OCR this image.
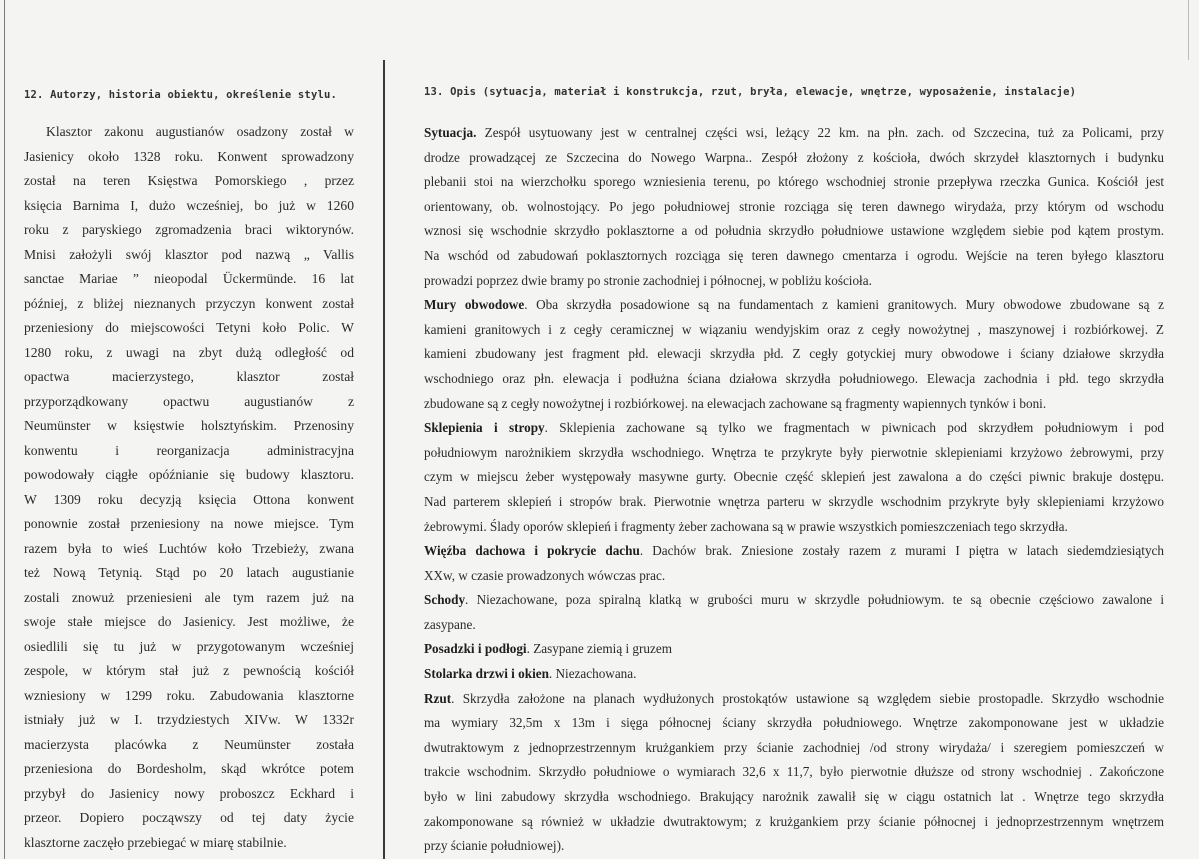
12. Autorzy, historia obiektu, określenie stylu.
Klasztor zakonu augustianów osadzony został w
Jasienicy około 1328 roku. Konwent sprowadzony
został na teren Księstwa Pomorskiego , przez
księcia Barnima I, dużo wcześniej, bo już w 1260
roku z paryskiego zgromadzenia braci wiktorynów.
Mnisi założyli swój klasztor pod nazwą „ Vallis
sanctae Mariae ” nieopodal Ückermünde. 16 lat
później, z bliżej nieznanych przyczyn konwent został
przeniesiony do miejscowości Tetyni koło Polic. W
1280 roku, z uwagi na zbyt dużą odległość od
opactwa macierzystego, klasztor został
przyporządkowany opactwu augustianów z
Neumünster w księstwie holsztyńskim. Przenosiny
konwentu i reorganizacja administracyjna
powodowały ciągłe opóźnianie się budowy klasztoru.
W 1309 roku decyzją księcia Ottona konwent
ponownie został przeniesiony na nowe miejsce. Tym
razem była to wieś Luchtów koło Trzebieży, zwana
też Nową Tetynią. Stąd po 20 latach augustianie
zostali znowuż przeniesieni ale tym razem już na
swoje stałe miejsce do Jasienicy. Jest możliwe, że
osiedlili się tu już w przygotowanym wcześniej
zespole, w którym stał już z pewnością kościół
wzniesiony w 1299 roku. Zabudowania klasztorne
istniały już w I. trzydziestych XIVw. W 1332r
macierzysta placówka z Neumünster została
przeniesiona do Bordesholm, skąd wkrótce potem
przybył do Jasienicy nowy proboszcz Eckhard i
przeor. Dopiero począwszy od tej daty życie
klasztorne zaczęło przebiegać w miarę stabilnie.
13. Opis (sytuacja, materiał i konstrukcja, rzut, bryła, elewacje, wnętrze, wyposażenie, instalacje)
Sytuacja. Zespół usytuowany jest w centralnej części wsi, leżący 22 km. na płn. zach. od Szczecina, tuż za Policami, przy
drodze prowadzącej ze Szczecina do Nowego Warpna.. Zespół złożony z kościoła, dwóch skrzydeł klasztornych i budynku
plebanii stoi na wierzchołku sporego wzniesienia terenu, po którego wschodniej stronie przepływa rzeczka Gunica. Kościół jest
orientowany, ob. wolnostojący. Po jego południowej stronie rozciąga się teren dawnego wirydaża, przy którym od wschodu
wznosi się wschodnie skrzydło poklasztorne a od południa skrzydło południowe ustawione względem siebie pod kątem prostym.
Na wschód od zabudowań poklasztornych rozciąga się teren dawnego cmentarza i ogrodu. Wejście na teren byłego klasztoru
prowadzi poprzez dwie bramy po stronie zachodniej i północnej, w pobliżu kościoła.
Mury obwodowe. Oba skrzydła posadowione są na fundamentach z kamieni granitowych. Mury obwodowe zbudowane są z
kamieni granitowych i z cegły ceramicznej w wiązaniu wendyjskim oraz z cegły nowożytnej , maszynowej i rozbiórkowej. Z
kamieni zbudowany jest fragment płd. elewacji skrzydła płd. Z cegły gotyckiej mury obwodowe i ściany działowe skrzydła
wschodniego oraz płn. elewacja i podłużna ściana działowa skrzydła południowego. Elewacja zachodnia i płd. tego skrzydła
zbudowane są z cegły nowożytnej i rozbiórkowej. na elewacjach zachowane są fragmenty wapiennych tynków i boni.
Sklepienia i stropy. Sklepienia zachowane są tylko we fragmentach w piwnicach pod skrzydłem południowym i pod
południowym narożnikiem skrzydła wschodniego. Wnętrza te przykryte były pierwotnie sklepieniami krzyżowo żebrowymi, przy
czym w miejscu żeber występowały masywne gurty. Obecnie część sklepień jest zawalona a do części piwnic brakuje dostępu.
Nad parterem sklepień i stropów brak. Pierwotnie wnętrza parteru w skrzydle wschodnim przykryte były sklepieniami krzyżowo
żebrowymi. Ślady oporów sklepień i fragmenty żeber zachowana są w prawie wszystkich pomieszczeniach tego skrzydła.
Więźba dachowa i pokrycie dachu. Dachów brak. Zniesione zostały razem z murami I piętra w latach siedemdziesiątych
XXw, w czasie prowadzonych wówczas prac.
Schody. Niezachowane, poza spiralną klatką w grubości muru w skrzydle południowym. te są obecnie częściowo zawalone i
zasypane.
Posadzki i podłogi. Zasypane ziemią i gruzem
Stolarka drzwi i okien. Niezachowana.
Rzut. Skrzydła założone na planach wydłużonych prostokątów ustawione są względem siebie prostopadle. Skrzydło wschodnie
ma wymiary 32,5m x 13m i sięga północnej ściany skrzydła południowego. Wnętrze zakomponowane jest w układzie
dwutraktowym z jednoprzestrzennym krużgankiem przy ścianie zachodniej /od strony wirydaża/ i szeregiem pomieszczeń w
trakcie wschodnim. Skrzydło południowe o wymiarach 32,6 x 11,7, było pierwotnie dłuższe od strony wschodniej . Zakończone
było w lini zabudowy skrzydła wschodniego. Brakujący narożnik zawalił się w ciągu ostatnich lat . Wnętrze tego skrzydła
zakomponowane są również w układzie dwutraktowym; z krużgankiem przy ścianie północnej i jednoprzestrzennym wnętrzem
przy ścianie południowej).
